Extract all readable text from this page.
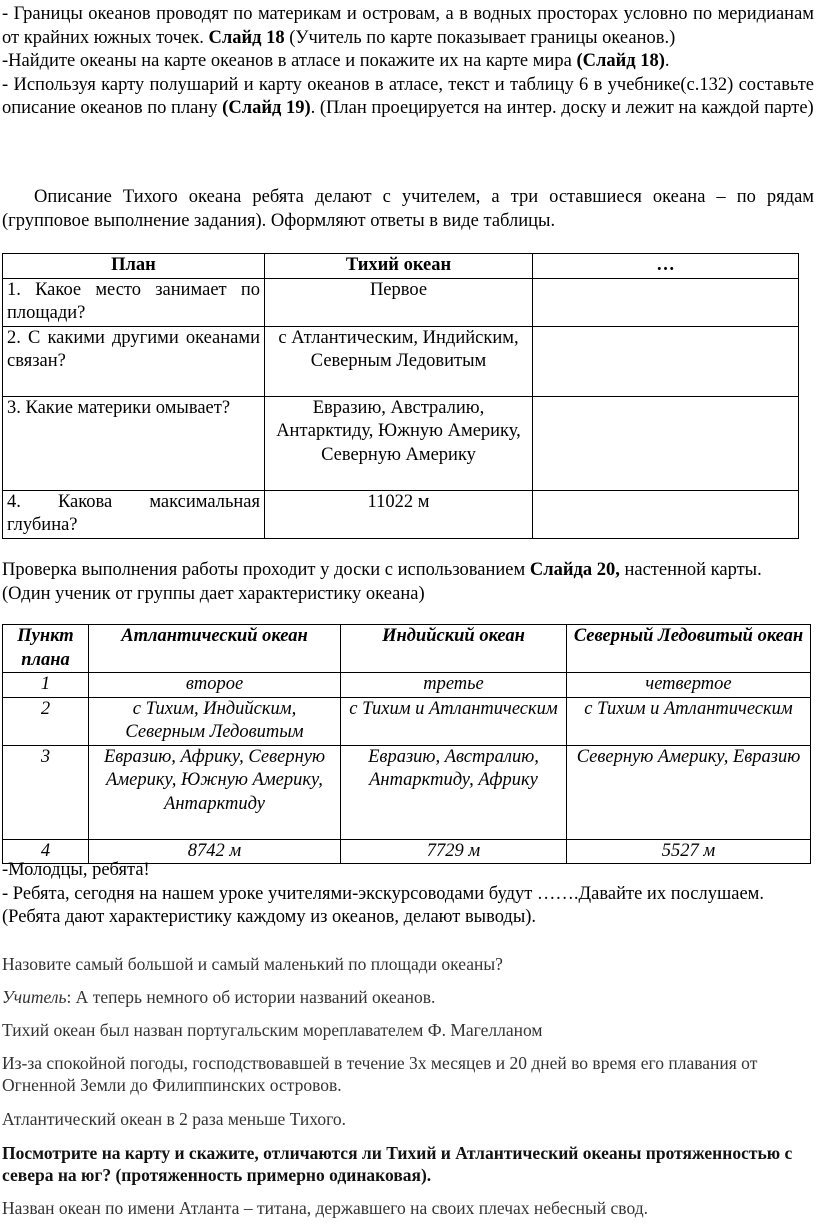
- Границы океанов проводят по материкам и островам, а в водных просторах условно по меридианам от крайних южных точек. Слайд 18 (Учитель по карте показывает границы океанов.)

-Найдите океаны на карте океанов в атласе и покажите их на карте мира (Слайд 18).

- Используя карту полушарий и карту океанов в атласе, текст и таблицу 6 в учебнике(с.132) составьте описание океанов по плану (Слайд 19). (План проецируется на интер. доску и лежит на каждой парте)

Описание Тихого океана ребята делают с учителем, а три оставшиеся океана – по рядам (групповое выполнение задания). Оформляют ответы в виде таблицы.

План	Тихий океан	…
1. Какое место занимает по площади?	Первое	
2. С какими другими океанами связан?	с Атлантическим, Индийским, Северным Ледовитым	
3. Какие материки омывает?	Евразию, Австралию, Антарктиду, Южную Америку, Северную Америку	
4. Какова максимальная глубина?	11022 м	

Проверка выполнения работы проходит у доски с использованием Слайда 20, настенной карты. (Один ученик от группы дает характеристику океана)

Пункт плана	Атлантический океан	Индийский океан	Северный Ледовитый океан
1	второе	третье	четвертое
2	с Тихим, Индийским, Северным Ледовитым	с Тихим и Атлантическим	с Тихим и Атлантическим
3	Евразию, Африку, Северную Америку, Южную Америку, Антарктиду	Евразию, Австралию, Антарктиду, Африку	Северную Америку, Евразию
4	8742 м	7729 м	5527 м

-Молодцы, ребята!

- Ребята, сегодня на нашем уроке учителями-экскурсоводами будут …….Давайте их послушаем. (Ребята дают характеристику каждому из океанов, делают выводы).

Назовите самый большой и самый маленький по площади океаны?

Учитель: А теперь немного об истории названий океанов.

Тихий океан был назван португальским мореплавателем Ф. Магелланом

Из-за спокойной погоды, господствовавшей в течение 3х месяцев и 20 дней во время его плавания от Огненной Земли до Филиппинских островов.

Атлантический океан в 2 раза меньше Тихого.

Посмотрите на карту и скажите, отличаются ли Тихий и Атлантический океаны протяженностью с севера на юг? (протяженность примерно одинаковая).

Назван океан по имени Атланта – титана, державшего на своих плечах небесный свод.
